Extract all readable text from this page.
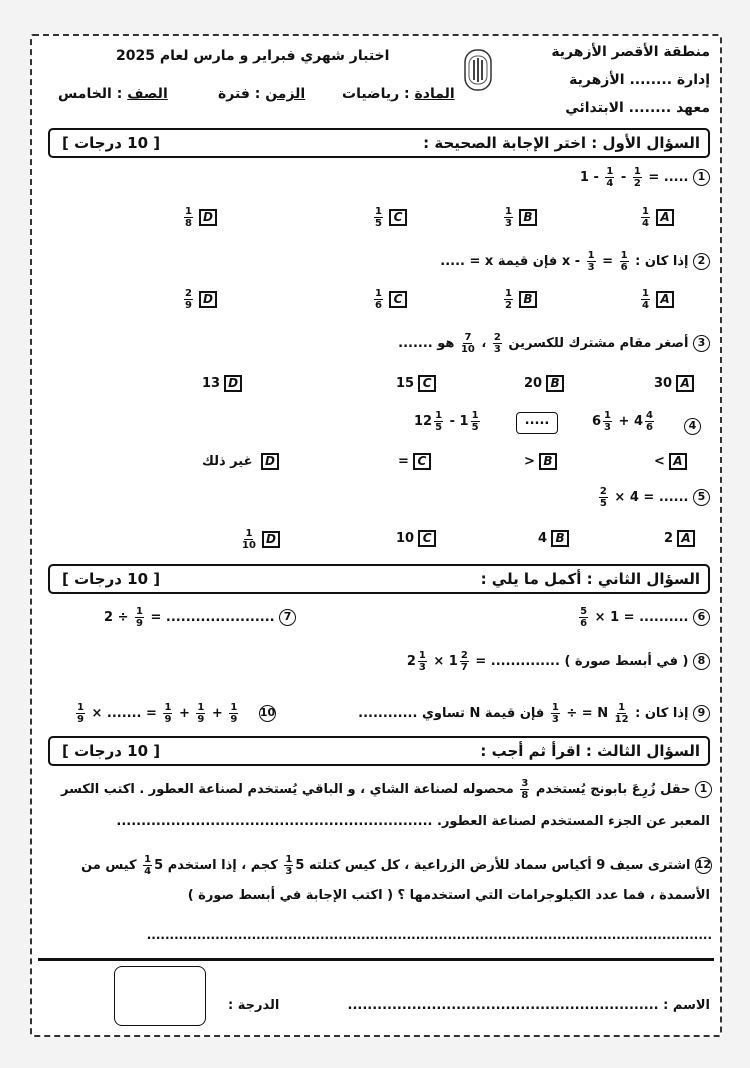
منطقة الأقصر الأزهرية
إدارة ........ الأزهرية
معهد ........ الابتدائي
اختبار شهري فبراير و مارس لعام 2025
المادة : رياضيات
الزمن : فترة
الصف : الخامس
السؤال الأول : اختر الإجابة الصحيحة :
[ 10 درجات ]
$1 - \frac{1}{4} - \frac{1}{2}$ = ..... 1
$\frac{1}{4}$ A
$\frac{1}{3}$ B
$\frac{1}{5}$ C
$\frac{1}{8}$ D
2 إذا كان : $x - \frac{1}{3} = \frac{1}{6}$
فإن قيمة x = .....
$\frac{1}{4}$ A
$\frac{1}{2}$ B
$\frac{1}{6}$ C
$\frac{2}{9}$ D
3 أصغر مقام مشترك للكسرين
$\frac{2}{3}$
،
$\frac{7}{10}$
هو .......
30 A
20 B
15 C
13 D
$12 \frac{1}{5} - 1 \frac{1}{5}$	.....	$6 \frac{1}{3} + 4 \frac{4}{6}$	4
< A
> B
= C
D غير ذلك
$\frac{2}{5} \times 4$ = ...... 5
2 A
4 B
10 C
$\frac{1}{10}$ D
السؤال الثاني : أكمل ما يلي :
[ 10 درجات ]
$\frac{5}{6} \times 1$ = .......... 6
$2 \div \frac{1}{9}$ = ...................... 7
8 ( في أبسط صورة ) .............. $2 \frac{1}{3} \times 1 \frac{2}{7}$ =
9 إذا كان :
$\frac{1}{3}$ ÷ = N $\frac{1}{12}$
فإن قيمة N تساوي ............
$\frac{1}{9}$ × ....... = $\frac{1}{9} + \frac{1}{9} + \frac{1}{9} 10$
السؤال الثالث : اقرأ ثم أجب :
[ 10 درجات ]
1 حقل زُرِعَ بابونج يُستخدم
$\frac{3}{8}$
محصوله لصناعة الشاي ، و الباقي يُستخدم لصناعة العطور . اكتب الكسر
المعبر عن الجزء المستخدم لصناعة العطور. ................................................................
12 اشترى سيف 9 أكياس سماد للأرض الزراعية ، كل كيس كتلته 5
$\frac{1}{3}$
كجم ، إذا استخدم 5
$\frac{1}{4}$
كيس من
الأسمدة ، فما عدد الكيلوجرامات التي استخدمها ؟ ( اكتب الإجابة في أبسط صورة )
............................................................................................................................
الاسم : ...............................................................
الدرجة :
